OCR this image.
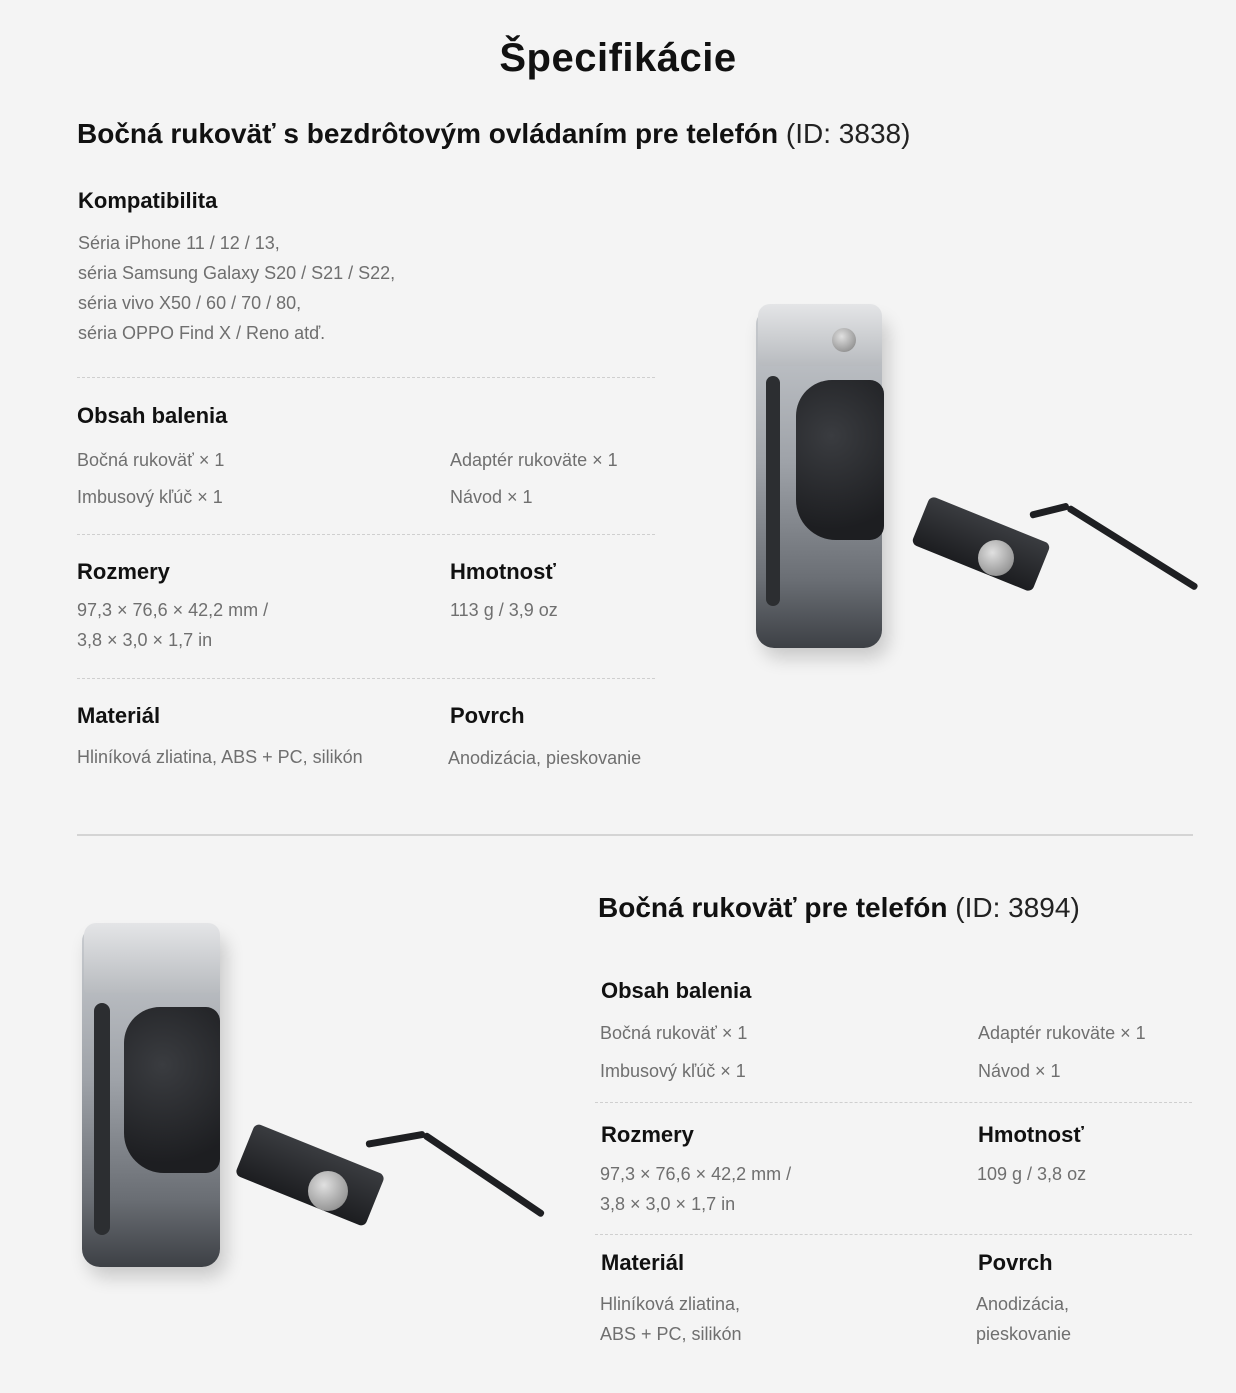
Špecifikácie
Bočná rukoväť s bezdrôtovým ovládaním pre telefón (ID: 3838)
Kompatibilita
Séria iPhone 11 / 12 / 13,
séria Samsung Galaxy S20 / S21 / S22,
séria vivo X50 / 60 / 70 / 80,
séria OPPO Find X / Reno atď.
Obsah balenia
Bočná rukoväť × 1	Adaptér rukoväte × 1
Imbusový kľúč × 1	Návod × 1
Rozmery
97,3 × 76,6 × 42,2 mm /
3,8 × 3,0 × 1,7 in
Hmotnosť
113 g / 3,9 oz
Materiál
Hliníková zliatina, ABS + PC, silikón
Povrch
Anodizácia, pieskovanie
Bočná rukoväť pre telefón (ID: 3894)
Obsah balenia
Bočná rukoväť × 1	Adaptér rukoväte × 1
Imbusový kľúč × 1	Návod × 1
Rozmery
97,3 × 76,6 × 42,2 mm /
3,8 × 3,0 × 1,7 in
Hmotnosť
109 g / 3,8 oz
Materiál
Hliníková zliatina,
ABS + PC, silikón
Povrch
Anodizácia,
pieskovanie
